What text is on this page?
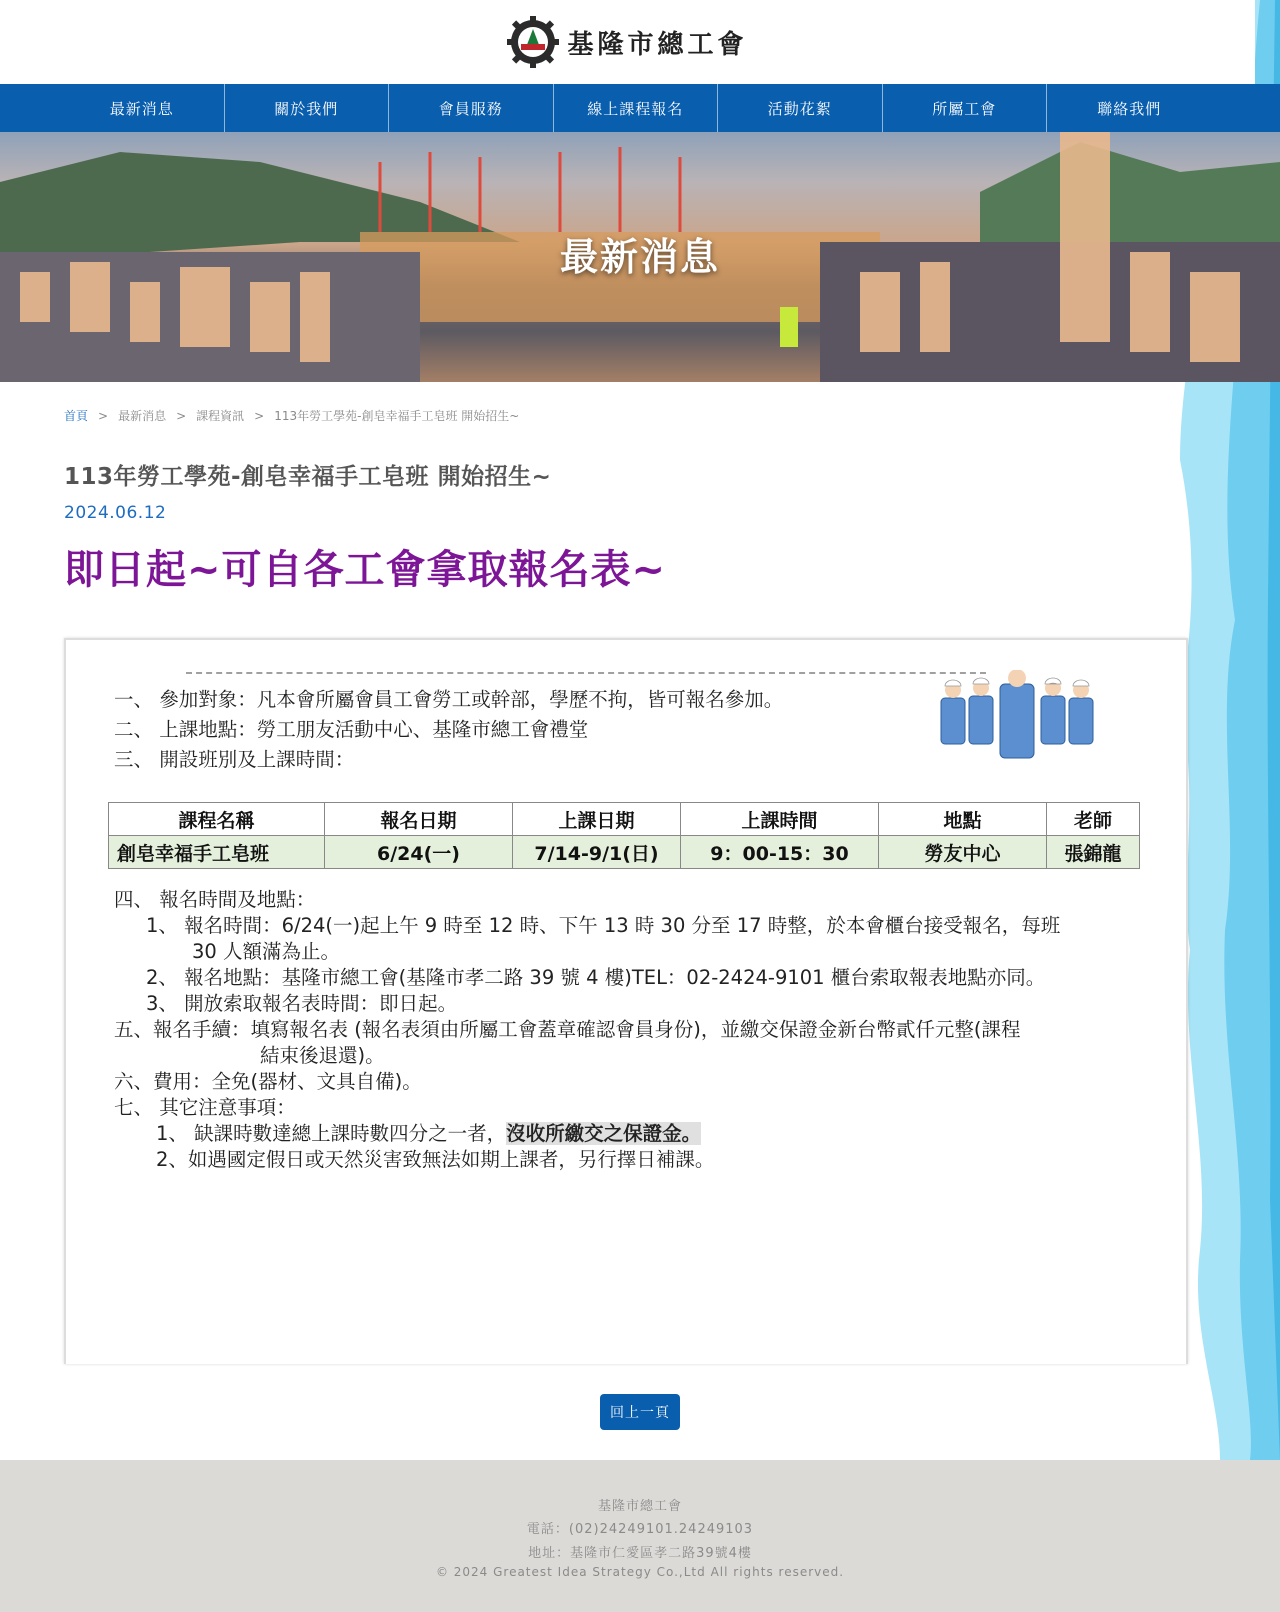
基隆市總工會
最新消息	關於我們	會員服務	線上課程報名	活動花絮	所屬工會	聯絡我們
最新消息
首頁 > 最新消息 > 課程資訊 > 113年勞工學苑-創皂幸福手工皂班 開始招生~
113年勞工學苑-創皂幸福手工皂班 開始招生~
2024.06.12
即日起~可自各工會拿取報名表~
一、 參加對象：凡本會所屬會員工會勞工或幹部，學歷不拘，皆可報名參加。
二、 上課地點：勞工朋友活動中心、基隆市總工會禮堂
三、 開設班別及上課時間：
課程名稱	報名日期	上課日期	上課時間	地點	老師
創皂幸福手工皂班	6/24(一)	7/14-9/1(日)	9：00-15：30	勞友中心	張錦龍
四、 報名時間及地點：
1、 報名時間：6/24(一)起上午 9 時至 12 時、下午 13 時 30 分至 17 時整，於本會櫃台接受報名，每班
30 人額滿為止。
2、 報名地點：基隆市總工會(基隆市孝二路 39 號 4 樓)TEL：02-2424-9101 櫃台索取報表地點亦同。
3、 開放索取報名表時間：即日起。
五、報名手續：填寫報名表 (報名表須由所屬工會蓋章確認會員身份)，並繳交保證金新台幣貳仟元整(課程
結束後退還)。
六、費用：全免(器材、文具自備)。
七、 其它注意事項：
1、 缺課時數達總上課時數四分之一者，沒收所繳交之保證金。
2、如遇國定假日或天然災害致無法如期上課者，另行擇日補課。
回上一頁
基隆市總工會
電話：(02)24249101.24249103
地址：基隆市仁愛區孝二路39號4樓
© 2024 Greatest Idea Strategy Co.,Ltd All rights reserved.
